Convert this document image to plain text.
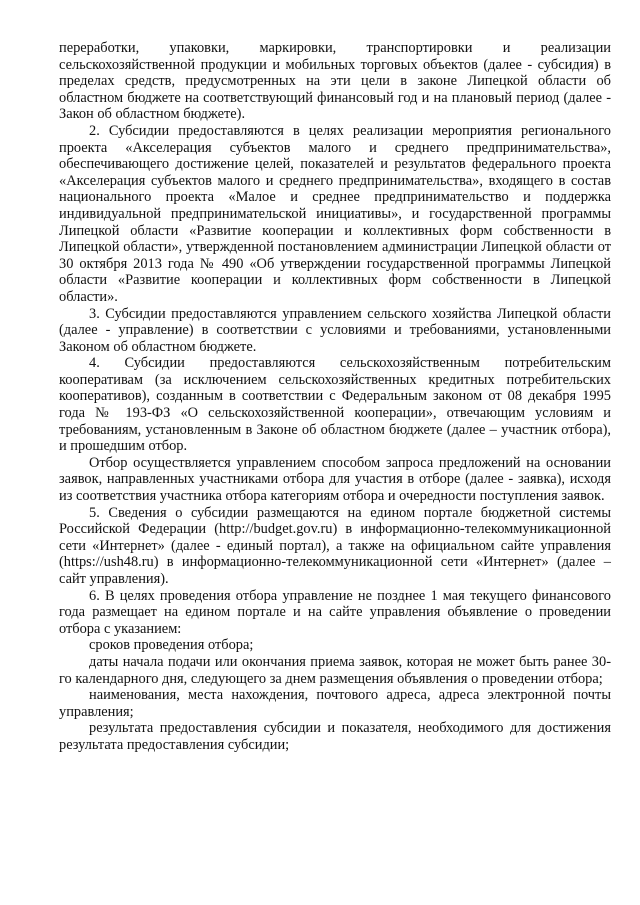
переработки, упаковки, маркировки, транспортировки и реализации сельскохозяйственной продукции и мобильных торговых объектов (далее - субсидия) в пределах средств, предусмотренных на эти цели в законе Липецкой области об областном бюджете на соответствующий финансовый год и на плановый период (далее - Закон об областном бюджете).

2. Субсидии предоставляются в целях реализации мероприятия регионального проекта «Акселерация субъектов малого и среднего предпринимательства», обеспечивающего достижение целей, показателей и результатов федерального проекта «Акселерация субъектов малого и среднего предпринимательства», входящего в состав национального проекта «Малое и среднее предпринимательство и поддержка индивидуальной предпринимательской инициативы», и государственной программы Липецкой области «Развитие кооперации и коллективных форм собственности в Липецкой области», утвержденной постановлением администрации Липецкой области от 30 октября 2013 года № 490 «Об утверждении государственной программы Липецкой области «Развитие кооперации и коллективных форм собственности в Липецкой области».

3. Субсидии предоставляются управлением сельского хозяйства Липецкой области (далее - управление) в соответствии с условиями и требованиями, установленными Законом об областном бюджете.

4. Субсидии предоставляются сельскохозяйственным потребительским кооперативам (за исключением сельскохозяйственных кредитных потребительских кооперативов), созданным в соответствии с Федеральным законом от 08 декабря 1995 года № 193-ФЗ «О сельскохозяйственной кооперации», отвечающим условиям и требованиям, установленным в Законе об областном бюджете (далее – участник отбора), и прошедшим отбор.

Отбор осуществляется управлением способом запроса предложений на основании заявок, направленных участниками отбора для участия в отборе (далее - заявка), исходя из соответствия участника отбора категориям отбора и очередности поступления заявок.

5. Сведения о субсидии размещаются на едином портале бюджетной системы Российской Федерации (http://budget.gov.ru) в информационно-телекоммуникационной сети «Интернет» (далее - единый портал), а также на официальном сайте управления (https://ush48.ru) в информационно-телекоммуникационной сети «Интернет» (далее – сайт управления).

6. В целях проведения отбора управление не позднее 1 мая текущего финансового года размещает на едином портале и на сайте управления объявление о проведении отбора с указанием:

сроков проведения отбора;

даты начала подачи или окончания приема заявок, которая не может быть ранее 30-го календарного дня, следующего за днем размещения объявления о проведении отбора;

наименования, места нахождения, почтового адреса, адреса электронной почты управления;

результата предоставления субсидии и показателя, необходимого для достижения результата предоставления субсидии;
